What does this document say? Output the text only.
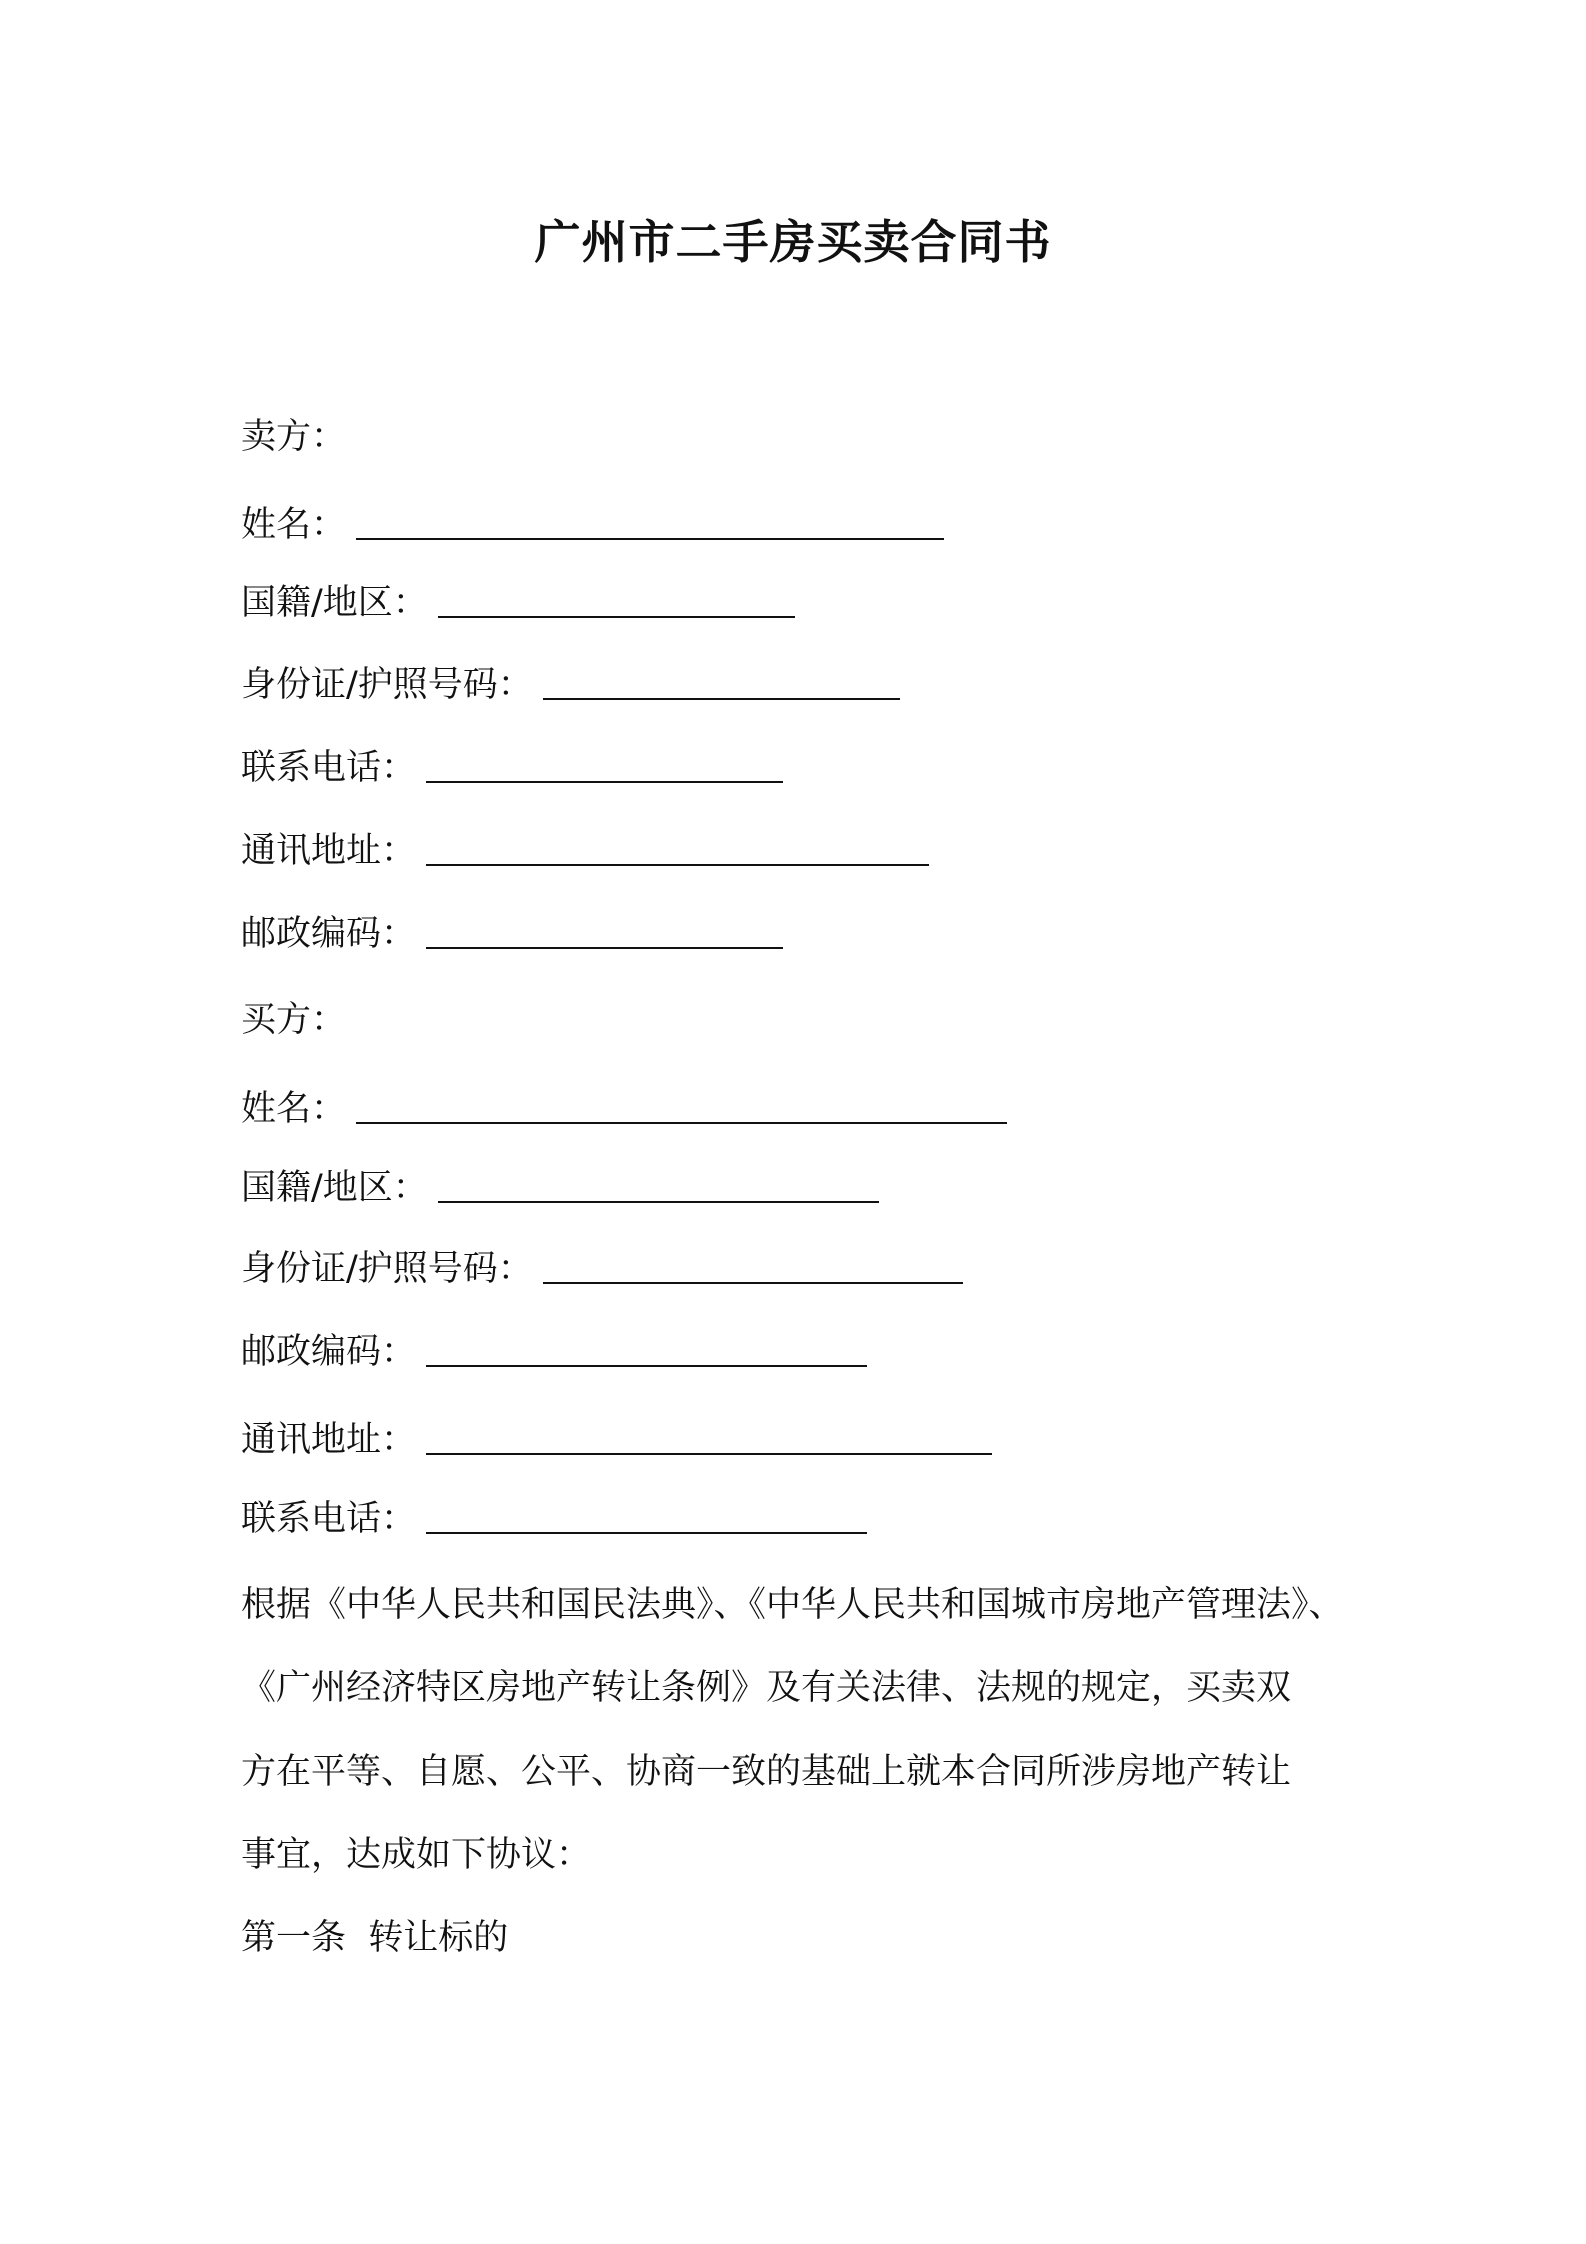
广州市二手房买卖合同书
卖方：
姓名：
国籍/地区：
身份证/护照号码：
联系电话：
通讯地址：
邮政编码：
买方：
姓名：
国籍/地区：
身份证/护照号码：
邮政编码：
通讯地址：
联系电话：
根据《中华人民共和国民法典》、《中华人民共和国城市房地产管理法》、
《广州经济特区房地产转让条例》及有关法律、法规的规定，买卖双
方在平等、自愿、公平、协商一致的基础上就本合同所涉房地产转让
事宜，达成如下协议：
第一条  转让标的
